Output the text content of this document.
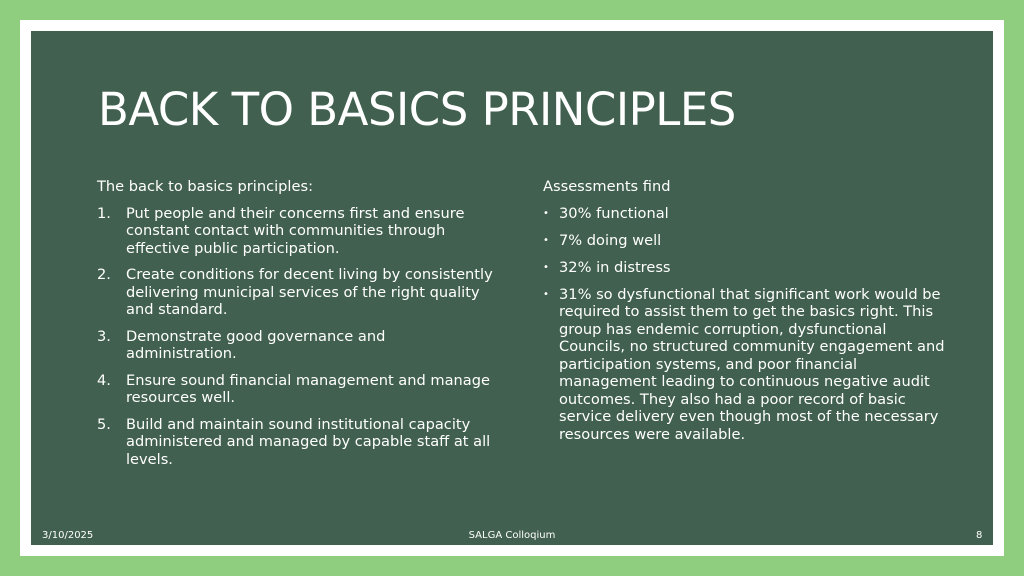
BACK TO BASICS PRINCIPLES

The back to basics principles:

1. Put people and their concerns first and ensure constant contact with communities through effective public participation.
2. Create conditions for decent living by consistently delivering municipal services of the right quality and standard.
3. Demonstrate good governance and administration.
4. Ensure sound financial management and manage resources well.
5. Build and maintain sound institutional capacity administered and managed by capable staff at all levels.

Assessments find

• 30% functional
• 7% doing well
• 32% in distress
• 31% so dysfunctional that significant work would be required to assist them to get the basics right. This group has endemic corruption, dysfunctional Councils, no structured community engagement and participation systems, and poor financial management leading to continuous negative audit outcomes. They also had a poor record of basic service delivery even though most of the necessary resources were available.
3/10/2025	SALGA Colloqium	8
